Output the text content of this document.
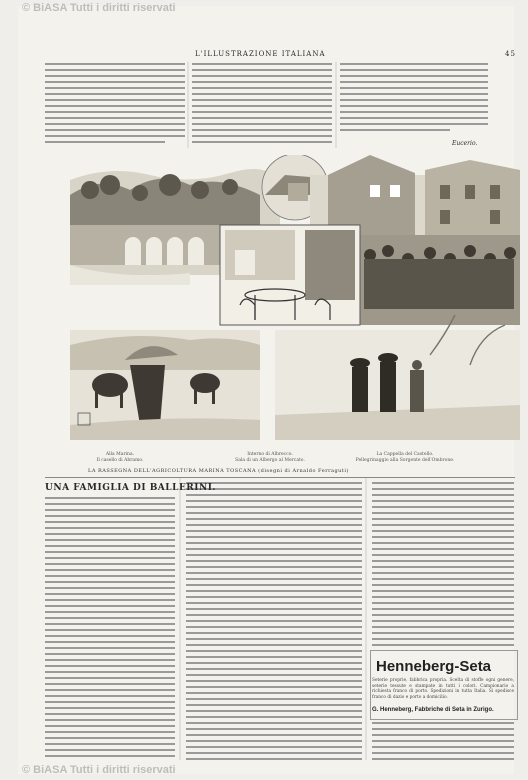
© BiASA Tutti i diritti riservati
L'ILLUSTRAZIONE ITALIANA	45
Eucerio.
Alla Marina.
Il casello di Abramo.
Interno di Albrecco.
Sala di un Albergo al Mercato.
La Cappella del Castello.
Pellegrinaggio alla Sorgente dell'Ombrone.
LA RASSEGNA DELL'AGRICOLTURA MARINA TOSCANA (disegni di Arnaldo Ferraguti)
UNA FAMIGLIA DI BALLERINI.
Henneberg-Seta
Seterie proprie, fabbrica propria. Scelta di stoffe ogni genere, seterie tessute e stampate in tutti i colori. Campionario a richiesta franco di porto. Spedizioni in tutta Italia. Si spedisce franco di dazio e porto a domicilio.
G. Henneberg, Fabbriche di Seta in Zurigo.
© BiASA Tutti i diritti riservati
